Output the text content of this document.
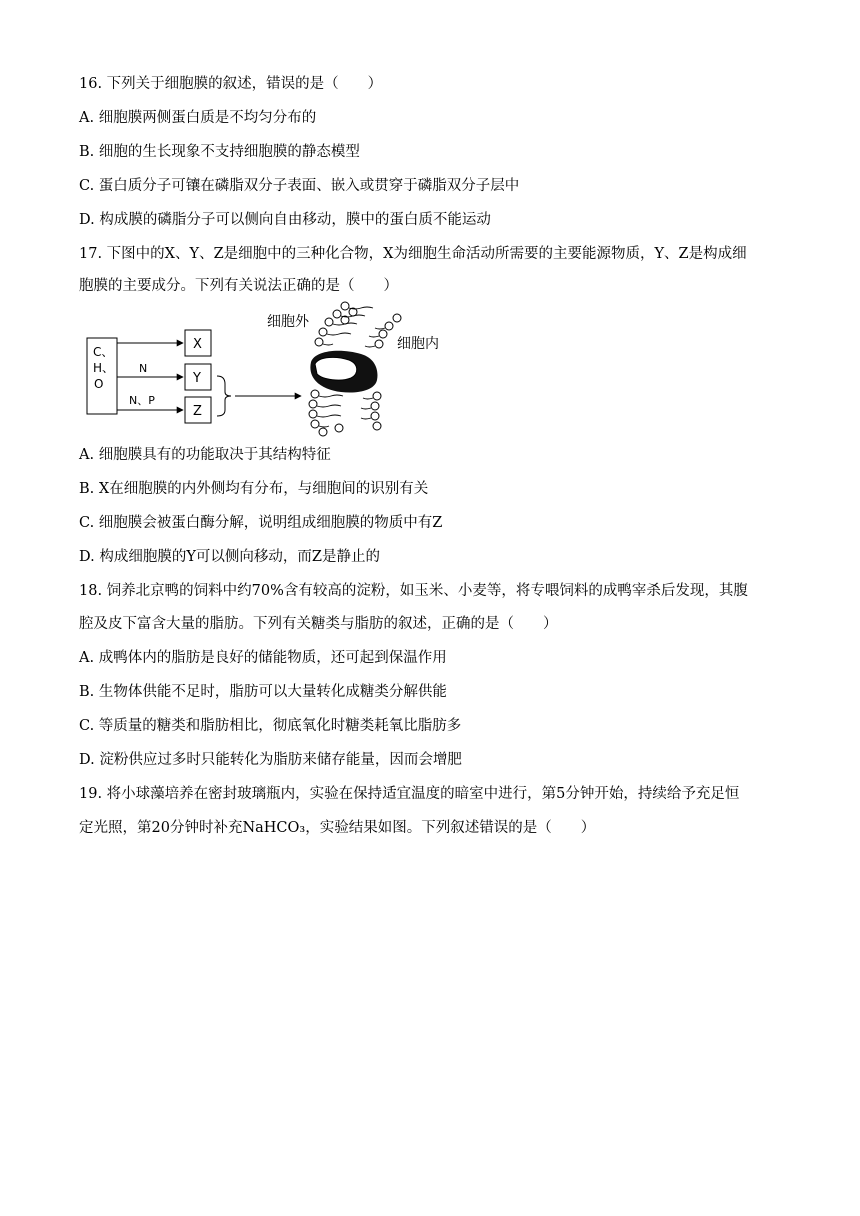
16. 下列关于细胞膜的叙述，错误的是（　　）
A. 细胞膜两侧蛋白质是不均匀分布的
B. 细胞的生长现象不支持细胞膜的静态模型
C. 蛋白质分子可镶在磷脂双分子表面、嵌入或贯穿于磷脂双分子层中
D. 构成膜的磷脂分子可以侧向自由移动，膜中的蛋白质不能运动
17. 下图中的X、Y、Z是细胞中的三种化合物，X为细胞生命活动所需要的主要能源物质，Y、Z是构成细
胞膜的主要成分。下列有关说法正确的是（　　）
C、
H、
O
N
N、P
X
Y
Z
细胞外
细胞内
A. 细胞膜具有的功能取决于其结构特征
B. X在细胞膜的内外侧均有分布，与细胞间的识别有关
C. 细胞膜会被蛋白酶分解，说明组成细胞膜的物质中有Z
D. 构成细胞膜的Y可以侧向移动，而Z是静止的
18. 饲养北京鸭的饲料中约70%含有较高的淀粉，如玉米、小麦等，将专喂饲料的成鸭宰杀后发现，其腹
腔及皮下富含大量的脂肪。下列有关糖类与脂肪的叙述，正确的是（　　）
A. 成鸭体内的脂肪是良好的储能物质，还可起到保温作用
B. 生物体供能不足时，脂肪可以大量转化成糖类分解供能
C. 等质量的糖类和脂肪相比，彻底氧化时糖类耗氧比脂肪多
D. 淀粉供应过多时只能转化为脂肪来储存能量，因而会增肥
19. 将小球藻培养在密封玻璃瓶内，实验在保持适宜温度的暗室中进行，第5分钟开始，持续给予充足恒
定光照，第20分钟时补充NaHCO₃，实验结果如图。下列叙述错误的是（　　）
